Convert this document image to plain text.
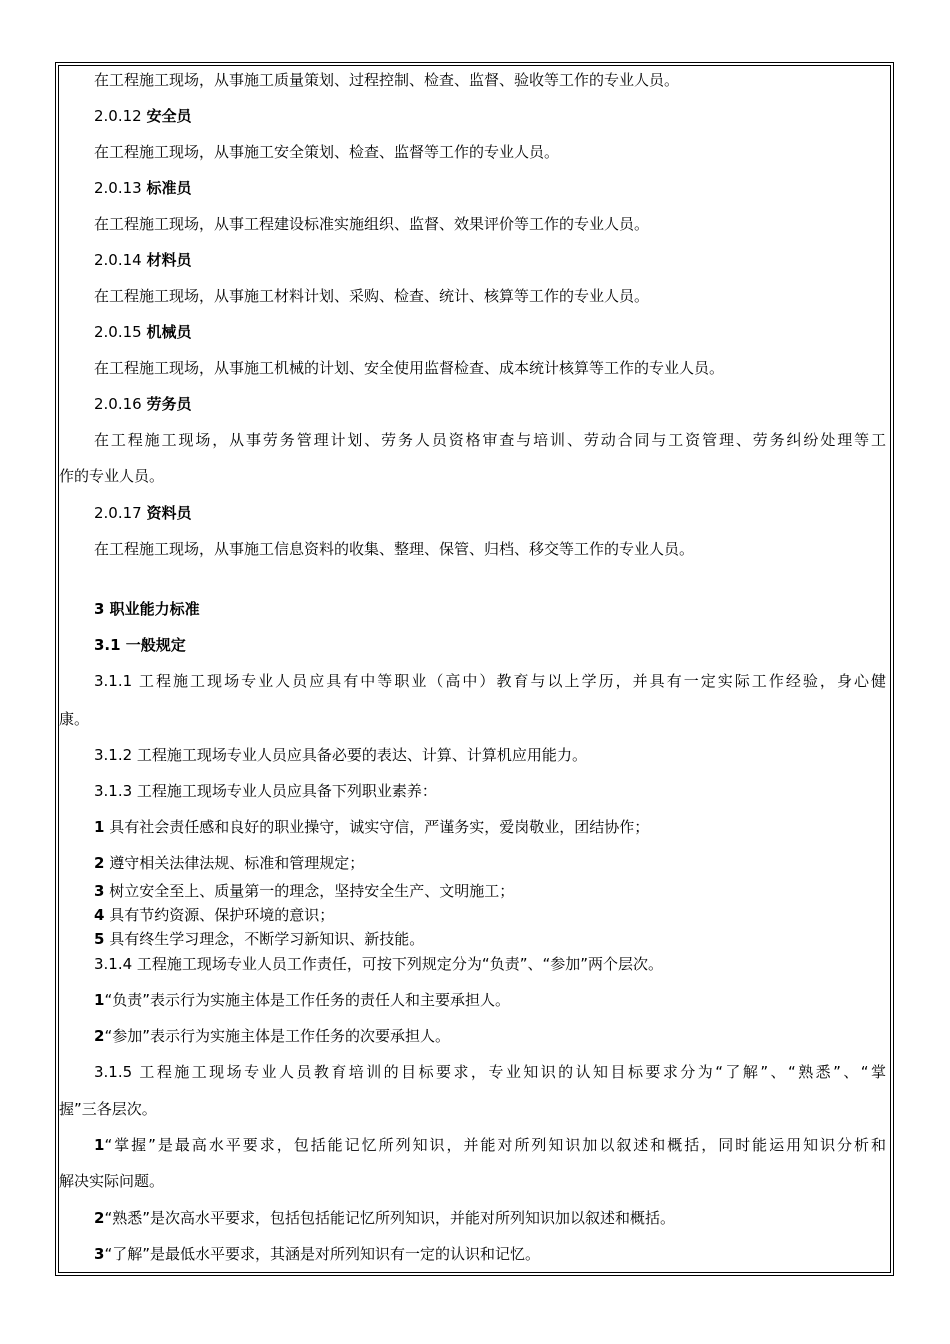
在工程施工现场，从事施工质量策划、过程控制、检查、监督、验收等工作的专业人员。

2.0.12 安全员

在工程施工现场，从事施工安全策划、检查、监督等工作的专业人员。

2.0.13 标准员

在工程施工现场，从事工程建设标准实施组织、监督、效果评价等工作的专业人员。

2.0.14 材料员

在工程施工现场，从事施工材料计划、采购、检查、统计、核算等工作的专业人员。

2.0.15 机械员

在工程施工现场，从事施工机械的计划、安全使用监督检查、成本统计核算等工作的专业人员。

2.0.16 劳务员

在工程施工现场，从事劳务管理计划、劳务人员资格审查与培训、劳动合同与工资管理、劳务纠纷处理等工

作的专业人员。

2.0.17 资料员

在工程施工现场，从事施工信息资料的收集、整理、保管、归档、移交等工作的专业人员。

3 职业能力标准

3.1 一般规定

3.1.1 工程施工现场专业人员应具有中等职业（高中）教育与以上学历，并具有一定实际工作经验，身心健

康。

3.1.2 工程施工现场专业人员应具备必要的表达、计算、计算机应用能力。

3.1.3 工程施工现场专业人员应具备下列职业素养：

1 具有社会责任感和良好的职业操守，诚实守信，严谨务实，爱岗敬业，团结协作；

2 遵守相关法律法规、标准和管理规定；

3 树立安全至上、质量第一的理念，坚持安全生产、文明施工；

4 具有节约资源、保护环境的意识；

5 具有终生学习理念，不断学习新知识、新技能。

3.1.4 工程施工现场专业人员工作责任，可按下列规定分为“负责”、“参加”两个层次。

1“负责”表示行为实施主体是工作任务的责任人和主要承担人。

2“参加”表示行为实施主体是工作任务的次要承担人。

3.1.5 工程施工现场专业人员教育培训的目标要求，专业知识的认知目标要求分为“了解”、“熟悉”、“掌

握”三各层次。

1“掌握”是最高水平要求，包括能记忆所列知识，并能对所列知识加以叙述和概括，同时能运用知识分析和

解决实际问题。

2“熟悉”是次高水平要求，包括包括能记忆所列知识，并能对所列知识加以叙述和概括。

3“了解”是最低水平要求，其涵是对所列知识有一定的认识和记忆。
